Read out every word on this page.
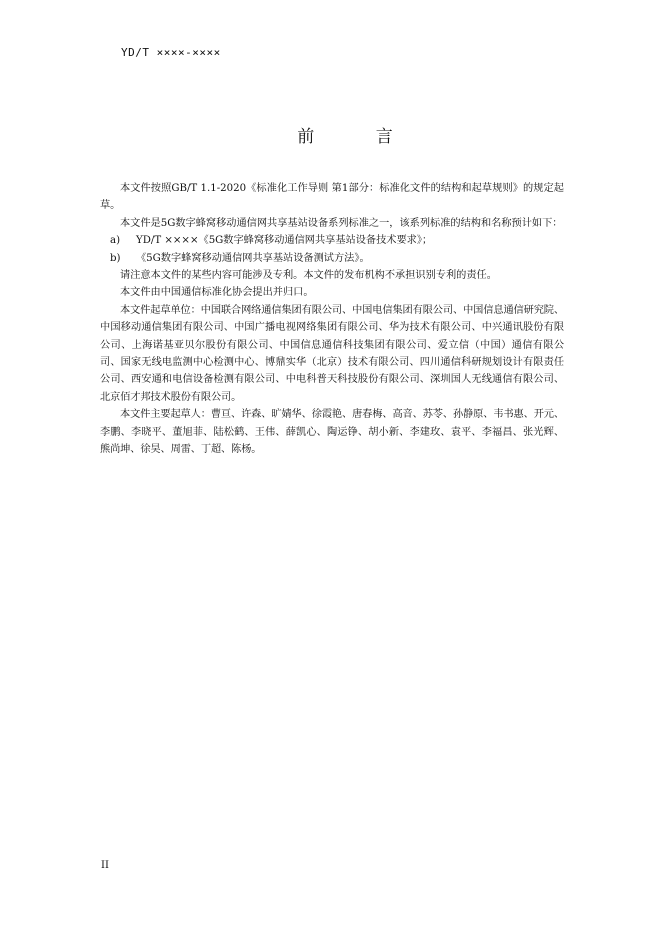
YD/T ××××-××××
前 言

本文件按照GB/T 1.1-2020《标准化工作导则 第1部分：标准化文件的结构和起草规则》的规定起草。

本文件是5G数字蜂窝移动通信网共享基站设备系列标准之一，该系列标准的结构和名称预计如下：

a) YD/T ××××《5G数字蜂窝移动通信网共享基站设备技术要求》；

b) 《5G数字蜂窝移动通信网共享基站设备测试方法》。

请注意本文件的某些内容可能涉及专利。本文件的发布机构不承担识别专利的责任。

本文件由中国通信标准化协会提出并归口。

本文件起草单位：中国联合网络通信集团有限公司、中国电信集团有限公司、中国信息通信研究院、中国移动通信集团有限公司、中国广播电视网络集团有限公司、华为技术有限公司、中兴通讯股份有限公司、上海诺基亚贝尔股份有限公司、中国信息通信科技集团有限公司、爱立信（中国）通信有限公司、国家无线电监测中心检测中心、博鼎实华（北京）技术有限公司、四川通信科研规划设计有限责任公司、西安通和电信设备检测有限公司、中电科普天科技股份有限公司、深圳国人无线通信有限公司、北京佰才邦技术股份有限公司。

本文件主要起草人：曹亘、许森、旷婧华、徐霞艳、唐春梅、高音、苏苓、孙静原、韦书惠、开元、李鹏、李晓平、董旭菲、陆松鹤、王伟、薛凯心、陶运铮、胡小新、李建玫、袁平、李福昌、张光辉、熊尚坤、徐昊、周雷、丁超、陈杨。

II
